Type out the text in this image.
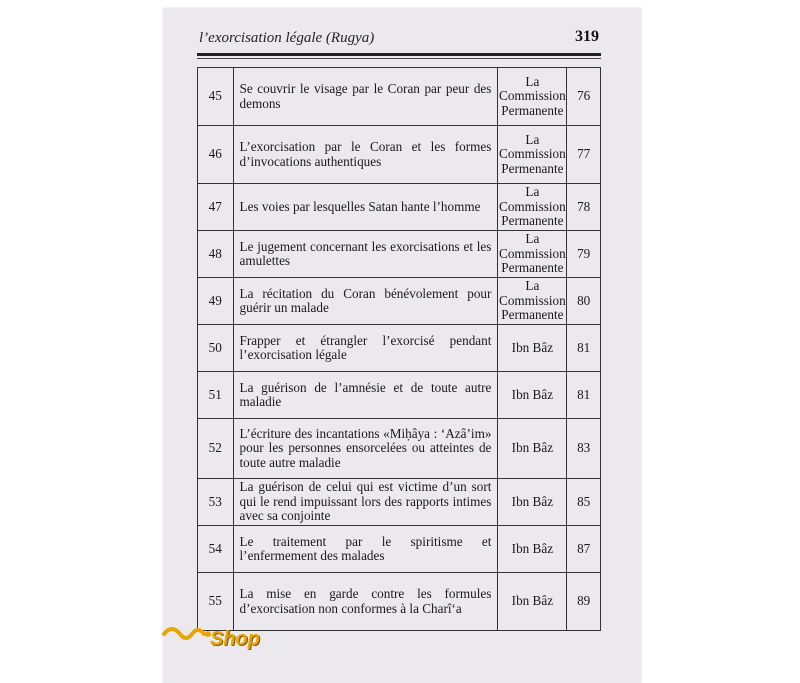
l’exorcisation légale (Rugya)	319
45	Se couvrir le visage par le Coran par peur des demons	La Commission Permanente	76
46	L’exorcisation par le Coran et les formes d’invocations authentiques	La Commission Permenante	77
47	Les voies par lesquelles Satan hante l’homme	La Commission Permanente	78
48	Le jugement concernant les exorcisations et les amulettes	La Commission Permanente	79
49	La récitation du Coran bénévolement pour guérir un malade	La Commission Permanente	80
50	Frapper et étrangler l’exorcisé pendant l’exorcisation légale	Ibn Bâz	81
51	La guérison de l’amnésie et de toute autre maladie	Ibn Bâz	81
52	L’écriture des incantations «Miḥâya : ‘Azâ’im» pour les personnes ensorcelées ou atteintes de toute autre maladie	Ibn Bâz	83
53	La guérison de celui qui est victime d’un sort qui le rend impuissant lors des rapports intimes avec sa conjointe	Ibn Bâz	85
54	Le traitement par le spiritisme et l’enfermement des malades	Ibn Bâz	87
55	La mise en garde contre les formules d’exorcisation non conformes à la Charî‘a	Ibn Bâz	89
Shop
